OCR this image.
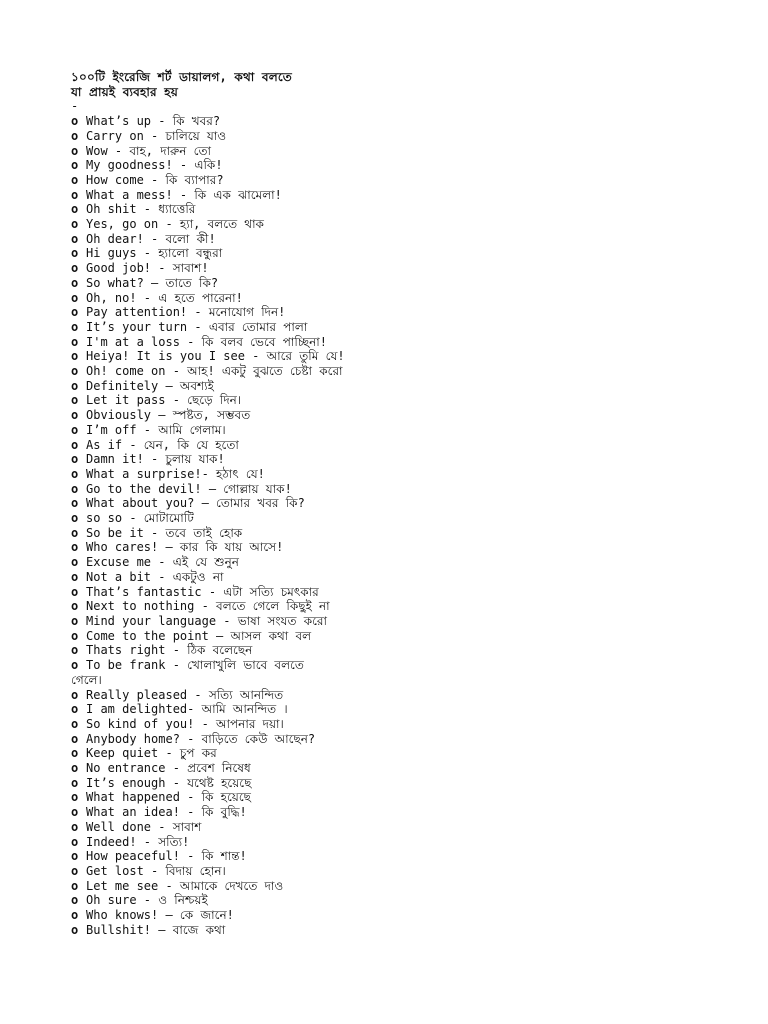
১০০টি ইংরেজি শর্ট ডায়ালগ, কথা বলতে
যা প্রায়ই ব্যবহার হয়
-
o What’s up - কি খবর?
o Carry on - চালিয়ে যাও
o Wow - বাহ, দারুন তো
o My goodness! - একি!
o How come - কি ব্যাপার?
o What a mess! - কি এক ঝামেলা!
o Oh shit - ধ্যাত্তেরি
o Yes, go on - হ্যা, বলতে থাক
o Oh dear! - বলো কী!
o Hi guys - হ্যালো বন্ধুরা
o Good job! - সাবাশ!
o So what? – তাতে কি?
o Oh, no! - এ হতে পারেনা!
o Pay attention! - মনোযোগ দিন!
o It’s your turn - এবার তোমার পালা
o I'm at a loss - কি বলব ভেবে পাচ্ছিনা!
o Heiya! It is you I see - আরে তুমি যে!
o Oh! come on - আহ! একটু বুঝতে চেষ্টা করো
o Definitely – অবশ্যই
o Let it pass - ছেড়ে দিন।
o Obviously – স্পষ্টত, সম্ভবত
o I’m off - আমি গেলাম।
o As if - যেন, কি যে হতো
o Damn it! - চুলায় যাক!
o What a surprise!- হঠাৎ যে!
o Go to the devil! – গোল্লায় যাক!
o What about you? – তোমার খবর কি?
o so so - মোটামোটি
o So be it - তবে তাই হোক
o Who cares! – কার কি যায় আসে!
o Excuse me - এই যে শুনুন
o Not a bit - একটুও না
o That’s fantastic - এটা সত্যি চমৎকার
o Next to nothing - বলতে গেলে কিছুই না
o Mind your language - ভাষা সংযত করো
o Come to the point – আসল কথা বল
o Thats right - ঠিক বলেছেন
o To be frank - খোলাখুলি ভাবে বলতে
গেলে।
o Really pleased - সত্যি আনন্দিত
o I am delighted- আমি আনন্দিত ।
o So kind of you! - আপনার দয়া।
o Anybody home? - বাড়িতে কেউ আছেন?
o Keep quiet - চুপ কর
o No entrance - প্রবেশ নিষেধ
o It’s enough - যথেষ্ট হয়েছে
o What happened - কি হয়েছে
o What an idea! - কি বুদ্ধি!
o Well done - সাবাশ
o Indeed! - সত্যি!
o How peaceful! - কি শান্ত!
o Get lost - বিদায় হোন।
o Let me see - আমাকে দেখতে দাও
o Oh sure - ও নিশ্চয়ই
o Who knows! – কে জানে!
o Bullshit! – বাজে কথা
